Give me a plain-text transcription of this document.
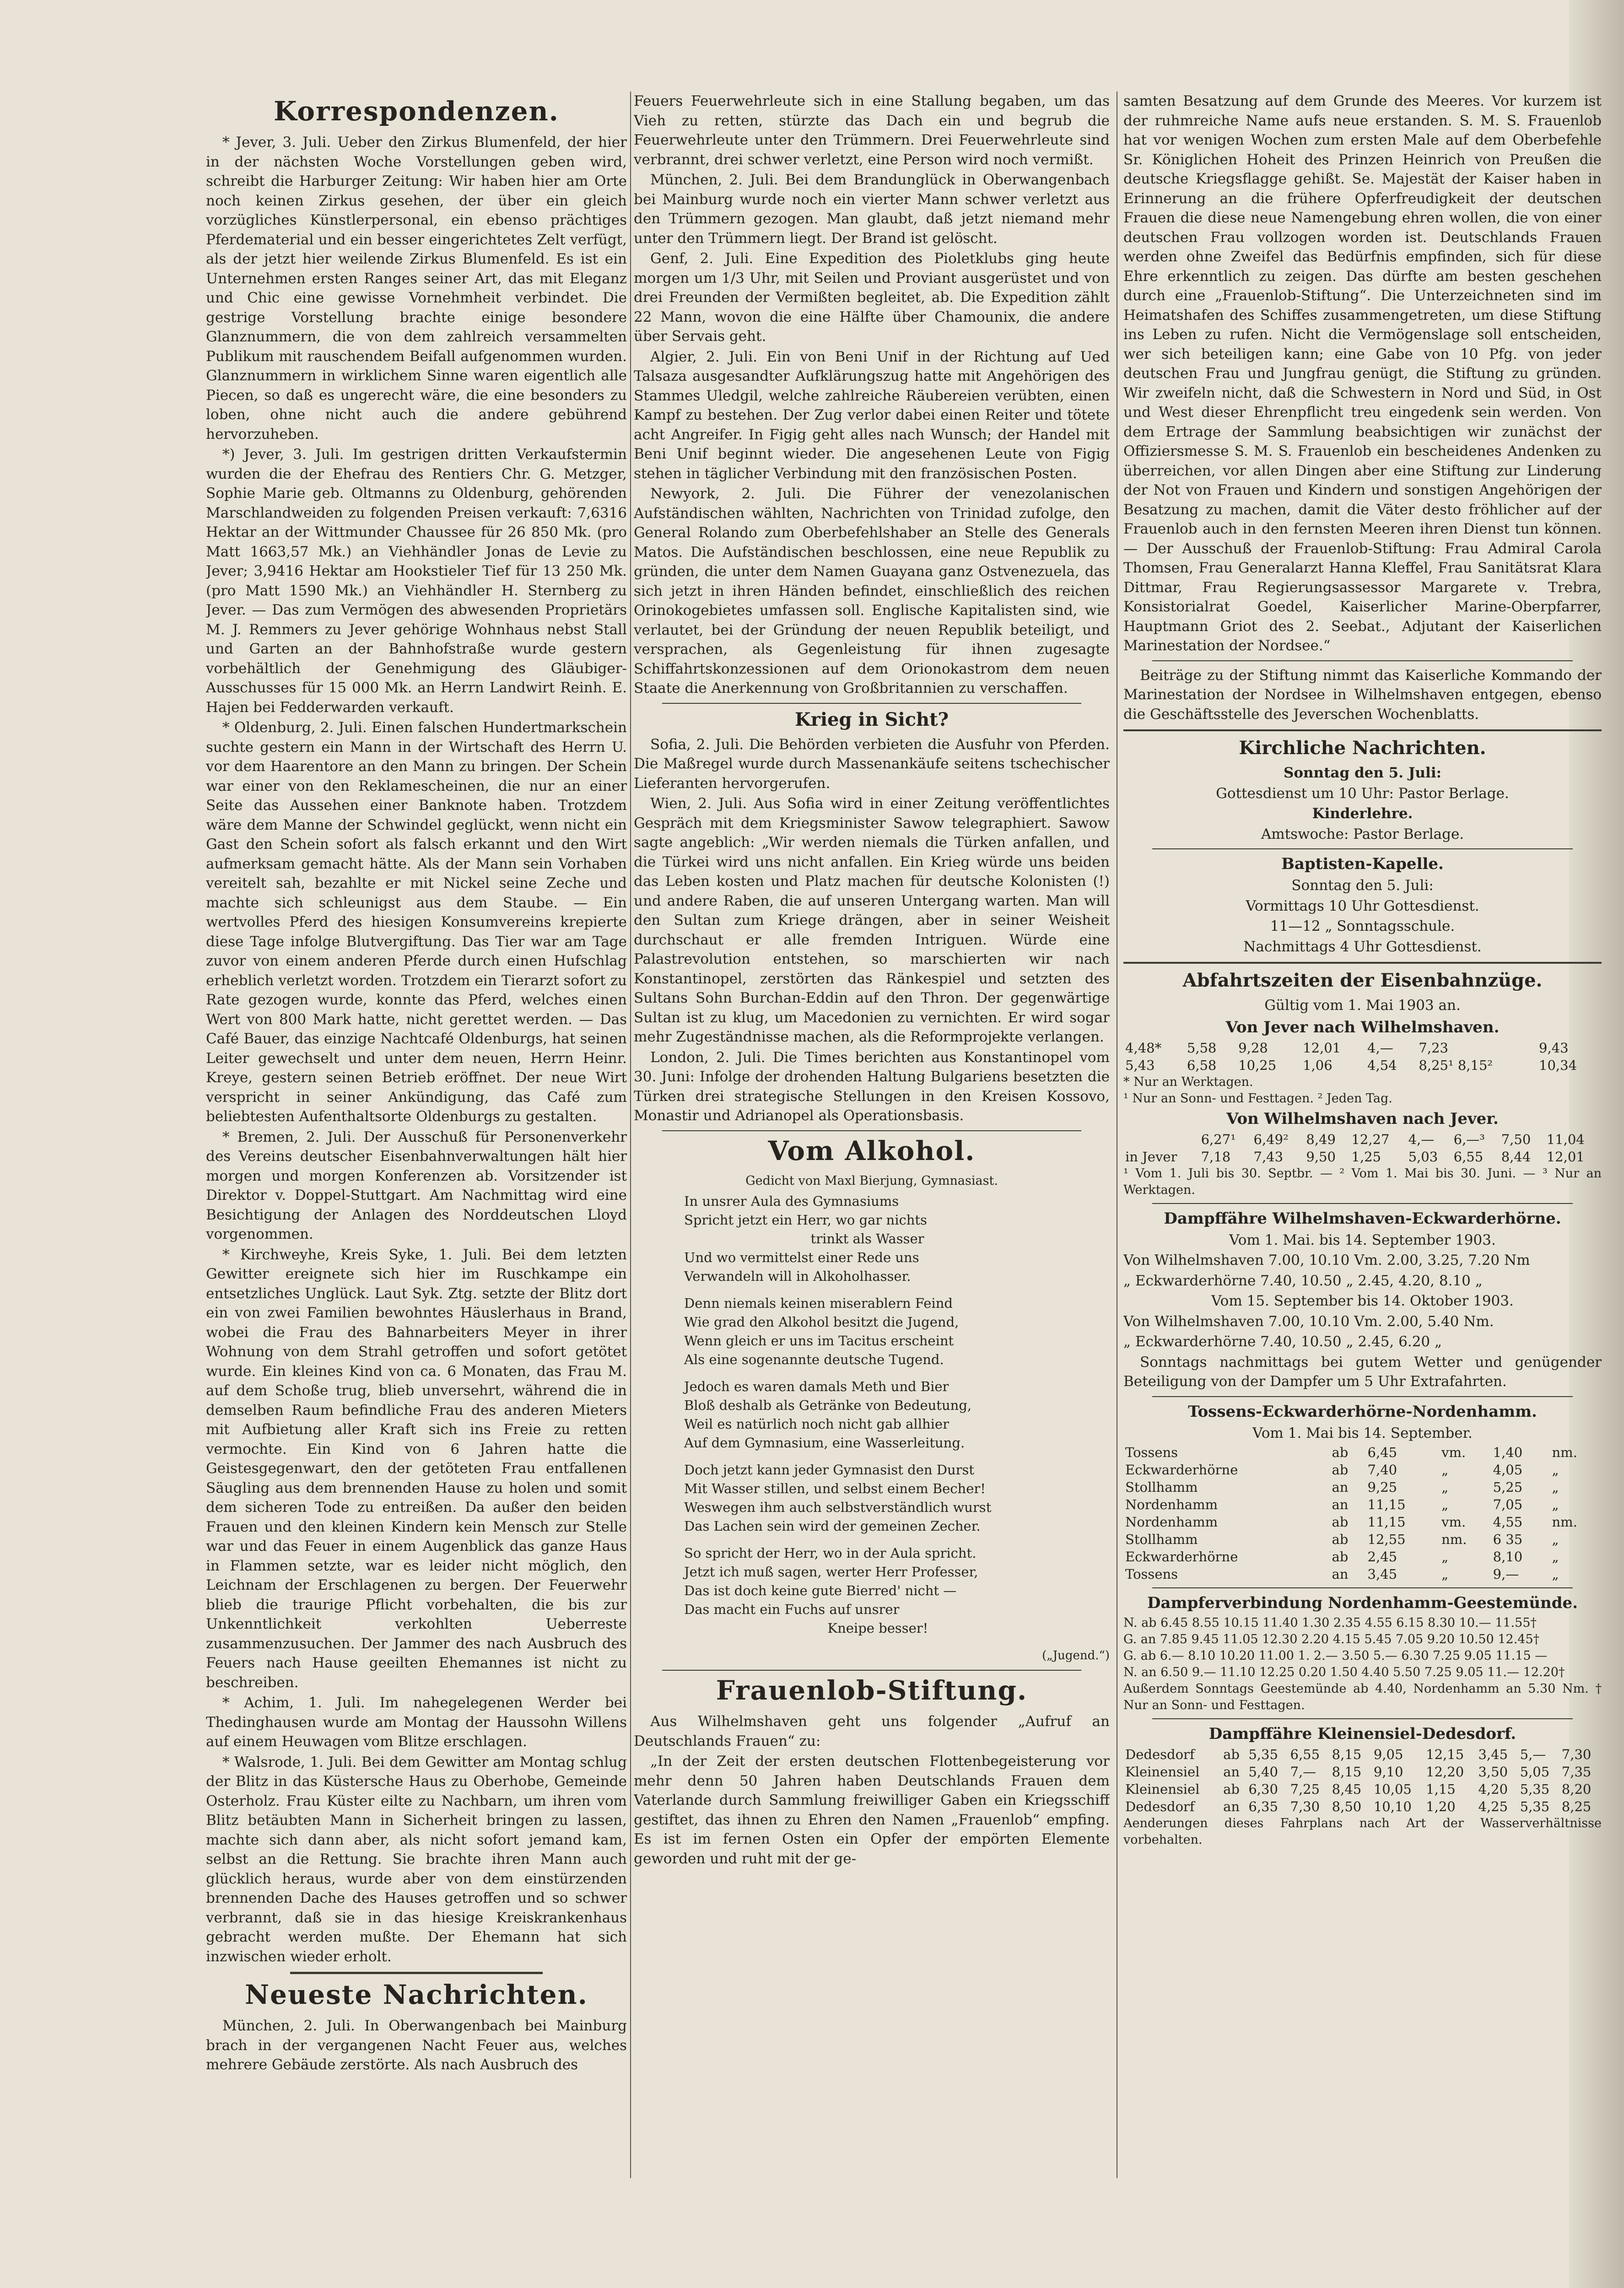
Korrespondenzen.

* Jever, 3. Juli. Ueber den Zirkus Blumenfeld, der hier in der nächsten Woche Vorstellungen geben wird, schreibt die Harburger Zeitung: Wir haben hier am Orte noch keinen Zirkus gesehen, der über ein gleich vorzügliches Künstlerpersonal, ein ebenso prächtiges Pferdematerial und ein besser eingerichtetes Zelt verfügt, als der jetzt hier weilende Zirkus Blumenfeld. Es ist ein Unternehmen ersten Ranges seiner Art, das mit Eleganz und Chic eine gewisse Vornehmheit verbindet. Die gestrige Vorstellung brachte einige besondere Glanznummern, die von dem zahlreich versammelten Publikum mit rauschendem Beifall aufgenommen wurden. Glanznummern in wirklichem Sinne waren eigentlich alle Piecen, so daß es ungerecht wäre, die eine besonders zu loben, ohne nicht auch die andere gebührend hervorzuheben.

*) Jever, 3. Juli. Im gestrigen dritten Verkaufstermin wurden die der Ehefrau des Rentiers Chr. G. Metzger, Sophie Marie geb. Oltmanns zu Oldenburg, gehörenden Marschlandweiden zu folgenden Preisen verkauft: 7,6316 Hektar an der Wittmunder Chaussee für 26 850 Mk. (pro Matt 1663,57 Mk.) an Viehhändler Jonas de Levie zu Jever; 3,9416 Hektar am Hookstieler Tief für 13 250 Mk. (pro Matt 1590 Mk.) an Viehhändler H. Sternberg zu Jever. — Das zum Vermögen des abwesenden Proprietärs M. J. Remmers zu Jever gehörige Wohnhaus nebst Stall und Garten an der Bahnhofstraße wurde gestern vorbehältlich der Genehmigung des Gläubiger-Ausschusses für 15 000 Mk. an Herrn Landwirt Reinh. E. Hajen bei Fedderwarden verkauft.

* Oldenburg, 2. Juli. Einen falschen Hundertmarkschein suchte gestern ein Mann in der Wirtschaft des Herrn U. vor dem Haarentore an den Mann zu bringen. Der Schein war einer von den Reklamescheinen, die nur an einer Seite das Aussehen einer Banknote haben. Trotzdem wäre dem Manne der Schwindel geglückt, wenn nicht ein Gast den Schein sofort als falsch erkannt und den Wirt aufmerksam gemacht hätte. Als der Mann sein Vorhaben vereitelt sah, bezahlte er mit Nickel seine Zeche und machte sich schleunigst aus dem Staube. — Ein wertvolles Pferd des hiesigen Konsumvereins krepierte diese Tage infolge Blutvergiftung. Das Tier war am Tage zuvor von einem anderen Pferde durch einen Hufschlag erheblich verletzt worden. Trotzdem ein Tierarzt sofort zu Rate gezogen wurde, konnte das Pferd, welches einen Wert von 800 Mark hatte, nicht gerettet werden. — Das Café Bauer, das einzige Nachtcafé Oldenburgs, hat seinen Leiter gewechselt und unter dem neuen, Herrn Heinr. Kreye, gestern seinen Betrieb eröffnet. Der neue Wirt verspricht in seiner Ankündigung, das Café zum beliebtesten Aufenthaltsorte Oldenburgs zu gestalten.

* Bremen, 2. Juli. Der Ausschuß für Personenverkehr des Vereins deutscher Eisenbahnverwaltungen hält hier morgen und morgen Konferenzen ab. Vorsitzender ist Direktor v. Doppel-Stuttgart. Am Nachmittag wird eine Besichtigung der Anlagen des Norddeutschen Lloyd vorgenommen.

* Kirchweyhe, Kreis Syke, 1. Juli. Bei dem letzten Gewitter ereignete sich hier im Ruschkampe ein entsetzliches Unglück. Laut Syk. Ztg. setzte der Blitz dort ein von zwei Familien bewohntes Häuslerhaus in Brand, wobei die Frau des Bahnarbeiters Meyer in ihrer Wohnung von dem Strahl getroffen und sofort getötet wurde. Ein kleines Kind von ca. 6 Monaten, das Frau M. auf dem Schoße trug, blieb unversehrt, während die in demselben Raum befindliche Frau des anderen Mieters mit Aufbietung aller Kraft sich ins Freie zu retten vermochte. Ein Kind von 6 Jahren hatte die Geistesgegenwart, den der getöteten Frau entfallenen Säugling aus dem brennenden Hause zu holen und somit dem sicheren Tode zu entreißen. Da außer den beiden Frauen und den kleinen Kindern kein Mensch zur Stelle war und das Feuer in einem Augenblick das ganze Haus in Flammen setzte, war es leider nicht möglich, den Leichnam der Erschlagenen zu bergen. Der Feuerwehr blieb die traurige Pflicht vorbehalten, die bis zur Unkenntlichkeit verkohlten Ueberreste zusammenzusuchen. Der Jammer des nach Ausbruch des Feuers nach Hause geeilten Ehemannes ist nicht zu beschreiben.

* Achim, 1. Juli. Im nahegelegenen Werder bei Thedinghausen wurde am Montag der Haussohn Willens auf einem Heuwagen vom Blitze erschlagen.

* Walsrode, 1. Juli. Bei dem Gewitter am Montag schlug der Blitz in das Küstersche Haus zu Oberhobe, Gemeinde Osterholz. Frau Küster eilte zu Nachbarn, um ihren vom Blitz betäubten Mann in Sicherheit bringen zu lassen, machte sich dann aber, als nicht sofort jemand kam, selbst an die Rettung. Sie brachte ihren Mann auch glücklich heraus, wurde aber von dem einstürzenden brennenden Dache des Hauses getroffen und so schwer verbrannt, daß sie in das hiesige Kreiskrankenhaus gebracht werden mußte. Der Ehemann hat sich inzwischen wieder erholt.

Neueste Nachrichten.

München, 2. Juli. In Oberwangenbach bei Mainburg brach in der vergangenen Nacht Feuer aus, welches mehrere Gebäude zerstörte. Als nach Ausbruch des

Feuers Feuerwehrleute sich in eine Stallung begaben, um das Vieh zu retten, stürzte das Dach ein und begrub die Feuerwehrleute unter den Trümmern. Drei Feuerwehrleute sind verbrannt, drei schwer verletzt, eine Person wird noch vermißt.

München, 2. Juli. Bei dem Brandunglück in Oberwangenbach bei Mainburg wurde noch ein vierter Mann schwer verletzt aus den Trümmern gezogen. Man glaubt, daß jetzt niemand mehr unter den Trümmern liegt. Der Brand ist gelöscht.

Genf, 2. Juli. Eine Expedition des Pioletklubs ging heute morgen um 1/3 Uhr, mit Seilen und Proviant ausgerüstet und von drei Freunden der Vermißten begleitet, ab. Die Expedition zählt 22 Mann, wovon die eine Hälfte über Chamounix, die andere über Servais geht.

Algier, 2. Juli. Ein von Beni Unif in der Richtung auf Ued Talsaza ausgesandter Aufklärungszug hatte mit Angehörigen des Stammes Uledgil, welche zahlreiche Räubereien verübten, einen Kampf zu bestehen. Der Zug verlor dabei einen Reiter und tötete acht Angreifer. In Figig geht alles nach Wunsch; der Handel mit Beni Unif beginnt wieder. Die angesehenen Leute von Figig stehen in täglicher Verbindung mit den französischen Posten.

Newyork, 2. Juli. Die Führer der venezolanischen Aufständischen wählten, Nachrichten von Trinidad zufolge, den General Rolando zum Oberbefehlshaber an Stelle des Generals Matos. Die Aufständischen beschlossen, eine neue Republik zu gründen, die unter dem Namen Guayana ganz Ostvenezuela, das sich jetzt in ihren Händen befindet, einschließlich des reichen Orinokogebietes umfassen soll. Englische Kapitalisten sind, wie verlautet, bei der Gründung der neuen Republik beteiligt, und versprachen, als Gegenleistung für ihnen zugesagte Schiffahrtskonzessionen auf dem Orionokastrom dem neuen Staate die Anerkennung von Großbritannien zu verschaffen.

Krieg in Sicht?

Sofia, 2. Juli. Die Behörden verbieten die Ausfuhr von Pferden. Die Maßregel wurde durch Massenankäufe seitens tschechischer Lieferanten hervorgerufen.

Wien, 2. Juli. Aus Sofia wird in einer Zeitung veröffentlichtes Gespräch mit dem Kriegsminister Sawow telegraphiert. Sawow sagte angeblich: „Wir werden niemals die Türken anfallen, und die Türkei wird uns nicht anfallen. Ein Krieg würde uns beiden das Leben kosten und Platz machen für deutsche Kolonisten (!) und andere Raben, die auf unseren Untergang warten. Man will den Sultan zum Kriege drängen, aber in seiner Weisheit durchschaut er alle fremden Intriguen. Würde eine Palastrevolution entstehen, so marschierten wir nach Konstantinopel, zerstörten das Ränkespiel und setzten des Sultans Sohn Burchan-Eddin auf den Thron. Der gegenwärtige Sultan ist zu klug, um Macedonien zu vernichten. Er wird sogar mehr Zugeständnisse machen, als die Reformprojekte verlangen.

London, 2. Juli. Die Times berichten aus Konstantinopel vom 30. Juni: Infolge der drohenden Haltung Bulgariens besetzten die Türken drei strategische Stellungen in den Kreisen Kossovo, Monastir und Adrianopel als Operationsbasis.

Vom Alkohol.

Gedicht von Maxl Bierjung, Gymnasiast.

In unsrer Aula des Gymnasiums
Spricht jetzt ein Herr, wo gar nichts
trinkt als Wasser
Und wo vermittelst einer Rede uns
Verwandeln will in Alkoholhasser.
Denn niemals keinen miserablern Feind
Wie grad den Alkohol besitzt die Jugend,
Wenn gleich er uns im Tacitus erscheint
Als eine sogenannte deutsche Tugend.
Jedoch es waren damals Meth und Bier
Bloß deshalb als Getränke von Bedeutung,
Weil es natürlich noch nicht gab allhier
Auf dem Gymnasium, eine Wasserleitung.
Doch jetzt kann jeder Gymnasist den Durst
Mit Wasser stillen, und selbst einem Becher!
Weswegen ihm auch selbstverständlich wurst
Das Lachen sein wird der gemeinen Zecher.
So spricht der Herr, wo in der Aula spricht.
Jetzt ich muß sagen, werter Herr Professer,
Das ist doch keine gute Bierred' nicht —
Das macht ein Fuchs auf unsrer
Kneipe besser!
(„Jugend.“)
Frauenlob-Stiftung.

Aus Wilhelmshaven geht uns folgender „Aufruf an Deutschlands Frauen“ zu:

„In der Zeit der ersten deutschen Flottenbegeisterung vor mehr denn 50 Jahren haben Deutschlands Frauen dem Vaterlande durch Sammlung freiwilliger Gaben ein Kriegsschiff gestiftet, das ihnen zu Ehren den Namen „Frauenlob“ empfing. Es ist im fernen Osten ein Opfer der empörten Elemente geworden und ruht mit der ge-

samten Besatzung auf dem Grunde des Meeres. Vor kurzem ist der ruhmreiche Name aufs neue erstanden. S. M. S. Frauenlob hat vor wenigen Wochen zum ersten Male auf dem Oberbefehle Sr. Königlichen Hoheit des Prinzen Heinrich von Preußen die deutsche Kriegsflagge gehißt. Se. Majestät der Kaiser haben in Erinnerung an die frühere Opferfreudigkeit der deutschen Frauen die diese neue Namengebung ehren wollen, die von einer deutschen Frau vollzogen worden ist. Deutschlands Frauen werden ohne Zweifel das Bedürfnis empfinden, sich für diese Ehre erkenntlich zu zeigen. Das dürfte am besten geschehen durch eine „Frauenlob-Stiftung“. Die Unterzeichneten sind im Heimatshafen des Schiffes zusammengetreten, um diese Stiftung ins Leben zu rufen. Nicht die Vermögenslage soll entscheiden, wer sich beteiligen kann; eine Gabe von 10 Pfg. von jeder deutschen Frau und Jungfrau genügt, die Stiftung zu gründen. Wir zweifeln nicht, daß die Schwestern in Nord und Süd, in Ost und West dieser Ehrenpflicht treu eingedenk sein werden. Von dem Ertrage der Sammlung beabsichtigen wir zunächst der Offiziersmesse S. M. S. Frauenlob ein bescheidenes Andenken zu überreichen, vor allen Dingen aber eine Stiftung zur Linderung der Not von Frauen und Kindern und sonstigen Angehörigen der Besatzung zu machen, damit die Väter desto fröhlicher auf der Frauenlob auch in den fernsten Meeren ihren Dienst tun können. — Der Ausschuß der Frauenlob-Stiftung: Frau Admiral Carola Thomsen, Frau Generalarzt Hanna Kleffel, Frau Sanitätsrat Klara Dittmar, Frau Regierungsassessor Margarete v. Trebra, Konsistorialrat Goedel, Kaiserlicher Marine-Oberpfarrer, Hauptmann Griot des 2. Seebat., Adjutant der Kaiserlichen Marinestation der Nordsee.“

Beiträge zu der Stiftung nimmt das Kaiserliche Kommando der Marinestation der Nordsee in Wilhelmshaven entgegen, ebenso die Geschäftsstelle des Jeverschen Wochenblatts.

Kirchliche Nachrichten.

Sonntag den 5. Juli:

Gottesdienst um 10 Uhr: Pastor Berlage.

Kinderlehre.

Amtswoche: Pastor Berlage.

Baptisten-Kapelle.

Sonntag den 5. Juli:

Vormittags 10 Uhr Gottesdienst.

11—12 „ Sonntagsschule.

Nachmittags 4 Uhr Gottesdienst.

Abfahrtszeiten der Eisenbahnzüge.

Gültig vom 1. Mai 1903 an.

Von Jever nach Wilhelmshaven.
4,48*	5,58	9,28	12,01	4,—	7,23	9,43
5,43	6,58	10,25	1,06	4,54	8,25¹ 8,15²	10,34
* Nur an Werktagen.
¹ Nur an Sonn- und Festtagen. ² Jeden Tag.
Von Wilhelmshaven nach Jever.
	6,27¹	6,49²	8,49	12,27	4,—	6,—³	7,50	11,04
in Jever	7,18	7,43	9,50	1,25	5,03	6,55	8,44	12,01
¹ Vom 1. Juli bis 30. Septbr. — ² Vom 1. Mai bis 30. Juni. — ³ Nur an Werktagen.
Dampffähre Wilhelmshaven-Eckwarderhörne.

Vom 1. Mai. bis 14. September 1903.

Von Wilhelmshaven 7.00, 10.10 Vm. 2.00, 3.25, 7.20 Nm

„ Eckwarderhörne 7.40, 10.50 „ 2.45, 4.20, 8.10 „

Vom 15. September bis 14. Oktober 1903.

Von Wilhelmshaven 7.00, 10.10 Vm. 2.00, 5.40 Nm.

„ Eckwarderhörne 7.40, 10.50 „ 2.45, 6.20 „

Sonntags nachmittags bei gutem Wetter und genügender Beteiligung von der Dampfer um 5 Uhr Extrafahrten.

Tossens-Eckwarderhörne-Nordenhamm.

Vom 1. Mai bis 14. September.

Tossens	ab	6,45	vm.	1,40	nm.
Eckwarderhörne	ab	7,40	„	4,05	„
Stollhamm	an	9,25	„	5,25	„
Nordenhamm	an	11,15	„	7,05	„
Nordenhamm	ab	11,15	vm.	4,55	nm.
Stollhamm	ab	12,55	nm.	6 35	„
Eckwarderhörne	ab	2,45	„	8,10	„
Tossens	an	3,45	„	9,—	„
Dampferverbindung Nordenhamm-Geestemünde.
N. ab 6.45 8.55 10.15 11.40 1.30 2.35 4.55 6.15 8.30 10.— 11.55†
G. an 7.85 9.45 11.05 12.30 2.20 4.15 5.45 7.05 9.20 10.50 12.45†
G. ab 6.— 8.10 10.20 11.00 1. 2.— 3.50 5.— 6.30 7.25 9.05 11.15 —
N. an 6.50 9.— 11.10 12.25 0.20 1.50 4.40 5.50 7.25 9.05 11.— 12.20†
Außerdem Sonntags Geestemünde ab 4.40, Nordenhamm an 5.30 Nm. † Nur an Sonn- und Festtagen.
Dampffähre Kleinensiel-Dedesdorf.
Dedesdorf	ab	5,35	6,55	8,15	9,05	12,15	3,45	5,—	7,30
Kleinensiel	an	5,40	7,—	8,15	9,10	12,20	3,50	5,05	7,35
Kleinensiel	ab	6,30	7,25	8,45	10,05	1,15	4,20	5,35	8,20
Dedesdorf	an	6,35	7,30	8,50	10,10	1,20	4,25	5,35	8,25
Aenderungen dieses Fahrplans nach Art der Wasserverhältnisse vorbehalten.
